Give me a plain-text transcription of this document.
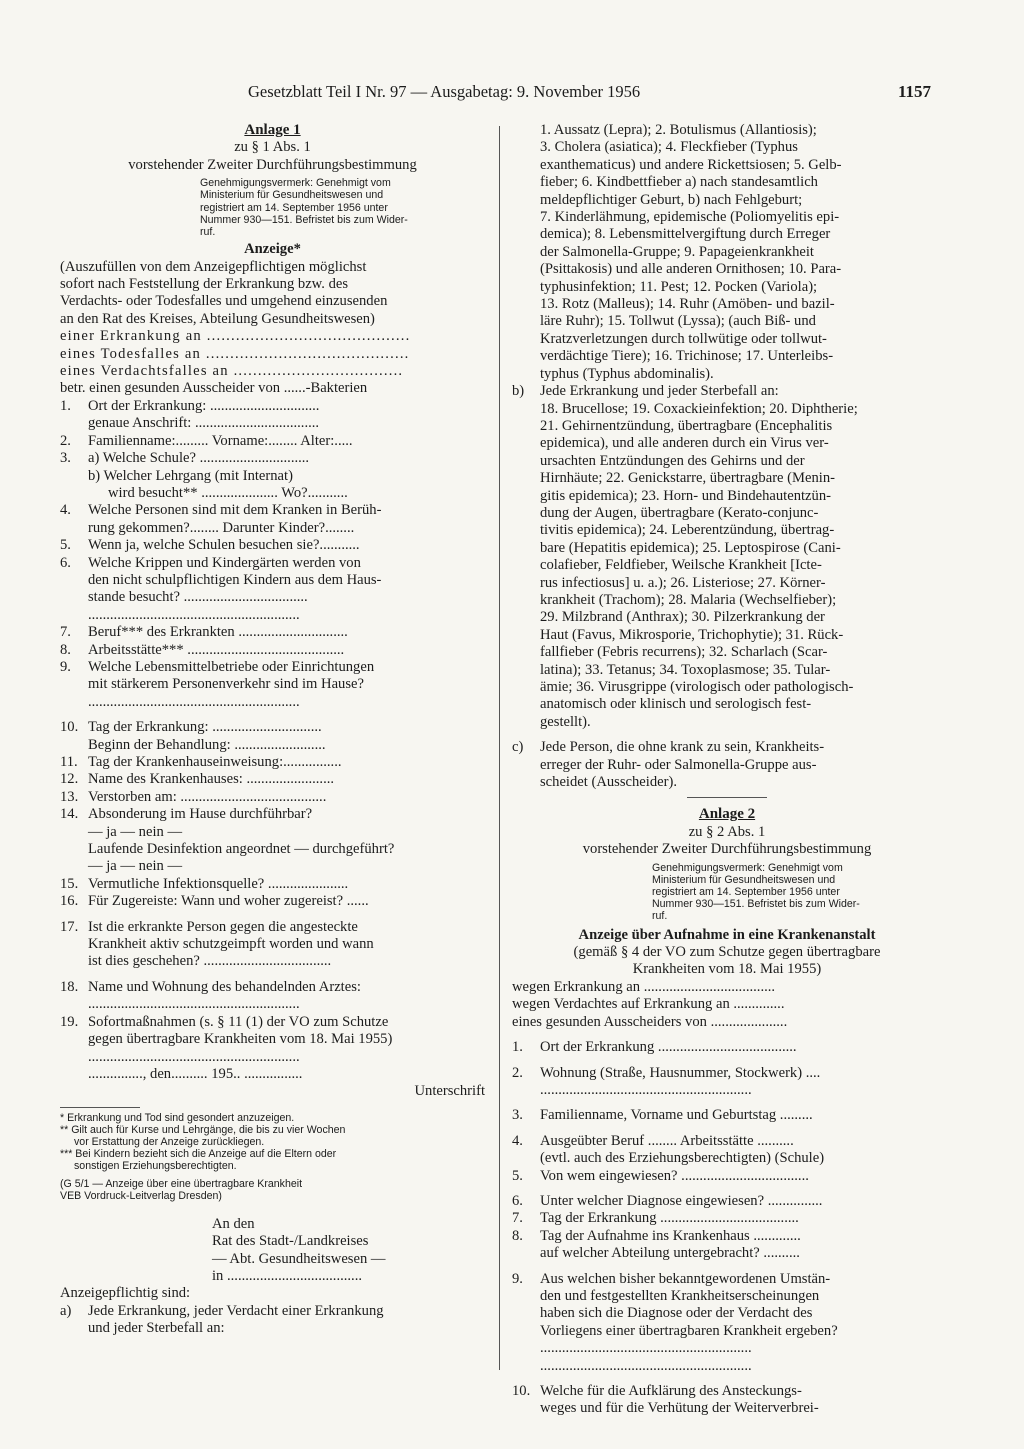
Gesetzblatt Teil I Nr. 97 — Ausgabetag: 9. November 1956	1157
Anlage 1
zu § 1 Abs. 1
vorstehender Zweiter Durchführungsbestimmung
Genehmigungsvermerk: Genehmigt vom
Ministerium für Gesundheitswesen und
registriert am 14. September 1956 unter
Nummer 930—151. Befristet bis zum Wider-
ruf.
Anzeige*
(Auszufüllen von dem Anzeigepflichtigen möglichst
sofort nach Feststellung der Erkrankung bzw. des
Verdachts- oder Todesfalles und umgehend einzusenden
an den Rat des Kreises, Abteilung Gesundheitswesen)
einer Erkrankung an ..........................................
eines Todesfalles an ..........................................
eines Verdachtsfalles an ...................................
betr. einen gesunden Ausscheider von ......-Bakterien
1.	Ort der Erkrankung: ..............................
genaue Anschrift: ..................................
2.	Familienname:......... Vorname:........ Alter:.....
3.	a) Welche Schule? ..............................
b) Welcher Lehrgang (mit Internat)
wird besucht** ..................... Wo?...........
4.	Welche Personen sind mit dem Kranken in Berüh-
rung gekommen?........ Darunter Kinder?........
5.	Wenn ja, welche Schulen besuchen sie?...........
6.	Welche Krippen und Kindergärten werden von
den nicht schulpflichtigen Kindern aus dem Haus-
stande besucht? ..................................
..........................................................
7.	Beruf*** des Erkrankten ..............................
8.	Arbeitsstätte*** ...........................................
9.	Welche Lebensmittelbetriebe oder Einrichtungen
mit stärkerem Personenverkehr sind im Hause?
..........................................................
10. Tag der Erkrankung: ..............................
Beginn der Behandlung: .........................
11. Tag der Krankenhauseinweisung:................
12. Name des Krankenhauses: ........................
13. Verstorben am: ........................................
14. Absonderung im Hause durchführbar?
— ja — nein —
Laufende Desinfektion angeordnet — durchgeführt?
— ja — nein —
15. Vermutliche Infektionsquelle? ......................
16. Für Zugereiste: Wann und woher zugereist? ......
17. Ist die erkrankte Person gegen die angesteckte
Krankheit aktiv schutzgeimpft worden und wann
ist dies geschehen? ...................................
18. Name und Wohnung des behandelnden Arztes:
..........................................................
19. Sofortmaßnahmen (s. § 11 (1) der VO zum Schutze
gegen übertragbare Krankheiten vom 18. Mai 1955)
..........................................................
..............., den.......... 195.. ................
Unterschrift
* Erkrankung und Tod sind gesondert anzuzeigen.
** Gilt auch für Kurse und Lehrgänge, die bis zu vier Wochen
vor Erstattung der Anzeige zurückliegen.
*** Bei Kindern bezieht sich die Anzeige auf die Eltern oder
sonstigen Erziehungsberechtigten.
(G 5/1 — Anzeige über eine übertragbare Krankheit
VEB Vordruck-Leitverlag Dresden)
An den
Rat des Stadt-/Landkreises
— Abt. Gesundheitswesen —
in .....................................
Anzeigepflichtig sind:
a)	Jede Erkrankung, jeder Verdacht einer Erkrankung
und jeder Sterbefall an:
1. Aussatz (Lepra); 2. Botulismus (Allantiosis);
3. Cholera (asiatica); 4. Fleckfieber (Typhus
exanthematicus) und andere Rickettsiosen; 5. Gelb-
fieber; 6. Kindbettfieber a) nach standesamtlich
meldepflichtiger Geburt, b) nach Fehlgeburt;
7. Kinderlähmung, epidemische (Poliomyelitis epi-
demica); 8. Lebensmittelvergiftung durch Erreger
der Salmonella-Gruppe; 9. Papageienkrankheit
(Psittakosis) und alle anderen Ornithosen; 10. Para-
typhusinfektion; 11. Pest; 12. Pocken (Variola);
13. Rotz (Malleus); 14. Ruhr (Amöben- und bazil-
läre Ruhr); 15. Tollwut (Lyssa); (auch Biß- und
Kratzverletzungen durch tollwütige oder tollwut-
verdächtige Tiere); 16. Trichinose; 17. Unterleibs-
typhus (Typhus abdominalis).
b)	Jede Erkrankung und jeder Sterbefall an:
18. Brucellose; 19. Coxackieinfektion; 20. Diphtherie;
21. Gehirnentzündung, übertragbare (Encephalitis
epidemica), und alle anderen durch ein Virus ver-
ursachten Entzündungen des Gehirns und der
Hirnhäute; 22. Genickstarre, übertragbare (Menin-
gitis epidemica); 23. Horn- und Bindehautentzün-
dung der Augen, übertragbare (Kerato-conjunc-
tivitis epidemica); 24. Leberentzündung, übertrag-
bare (Hepatitis epidemica); 25. Leptospirose (Cani-
colafieber, Feldfieber, Weilsche Krankheit [Icte-
rus infectiosus] u. a.); 26. Listeriose; 27. Körner-
krankheit (Trachom); 28. Malaria (Wechselfieber);
29. Milzbrand (Anthrax); 30. Pilzerkrankung der
Haut (Favus, Mikrosporie, Trichophytie); 31. Rück-
fallfieber (Febris recurrens); 32. Scharlach (Scar-
latina); 33. Tetanus; 34. Toxoplasmose; 35. Tular-
ämie; 36. Virusgrippe (virologisch oder pathologisch-
anatomisch oder klinisch und serologisch fest-
gestellt).
c)	Jede Person, die ohne krank zu sein, Krankheits-
erreger der Ruhr- oder Salmonella-Gruppe aus-
scheidet (Ausscheider).
Anlage 2
zu § 2 Abs. 1
vorstehender Zweiter Durchführungsbestimmung
Genehmigungsvermerk: Genehmigt vom
Ministerium für Gesundheitswesen und
registriert am 14. September 1956 unter
Nummer 930—151. Befristet bis zum Wider-
ruf.
Anzeige über Aufnahme in eine Krankenanstalt
(gemäß § 4 der VO zum Schutze gegen übertragbare
Krankheiten vom 18. Mai 1955)
wegen Erkrankung an ....................................
wegen Verdachtes auf Erkrankung an ..............
eines gesunden Ausscheiders von .....................
1.	Ort der Erkrankung ......................................
2.	Wohnung (Straße, Hausnummer, Stockwerk) ....
..........................................................
3.	Familienname, Vorname und Geburtstag .........
4.	Ausgeübter Beruf ........ Arbeitsstätte ..........
(evtl. auch des Erziehungsberechtigten) (Schule)
5.	Von wem eingewiesen? ...................................
6.	Unter welcher Diagnose eingewiesen? ...............
7.	Tag der Erkrankung ......................................
8.	Tag der Aufnahme ins Krankenhaus .............
auf welcher Abteilung untergebracht? ..........
9.	Aus welchen bisher bekanntgewordenen Umstän-
den und festgestellten Krankheitserscheinungen
haben sich die Diagnose oder der Verdacht des
Vorliegens einer übertragbaren Krankheit ergeben?
..........................................................
..........................................................
10. Welche für die Aufklärung des Ansteckungs-
weges und für die Verhütung der Weiterverbrei-
